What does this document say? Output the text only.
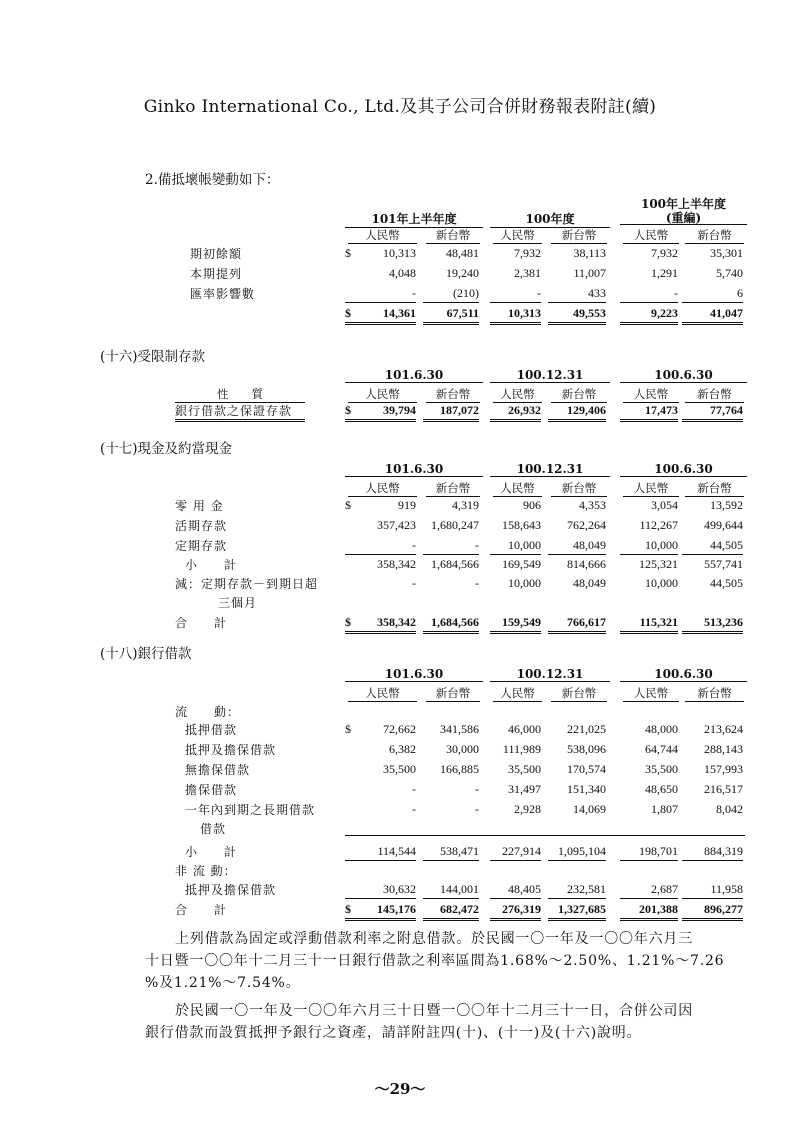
Ginko International Co., Ltd.及其子公司合併財務報表附註(續)
2.備抵壞帳變動如下：
100年上半年度
(重編)
101年上半年度	100年度
人民幣	新台幣	人民幣	新台幣	人民幣	新台幣
期初餘額	10,313	48,481	7,932	38,113	7,932	35,301
$
本期提列	4,048	19,240	2,381	11,007	1,291	5,740
匯率影響數	-	(210)	-	433	-	6
14,361	67,511	10,313	49,553	9,223	41,047
$
(十六)受限制存款
101.6.30	100.12.31	100.6.30
性　　質	人民幣	新台幣	人民幣	新台幣	人民幣	新台幣
銀行借款之保證存款	39,794	187,072	26,932	129,406	17,473	77,764
$
(十七)現金及約當現金
101.6.30	100.12.31	100.6.30
人民幣	新台幣	人民幣	新台幣	人民幣	新台幣
零 用 金	919	4,319	906	4,353	3,054	13,592
$
活期存款	357,423	1,680,247	158,643	762,264	112,267	499,644
定期存款	-	-	10,000	48,049	10,000	44,505
小　　計	358,342	1,684,566	169,549	814,666	125,321	557,741
減：定期存款－到期日超	-	-	10,000	48,049	10,000	44,505
三個月
合　　計	358,342	1,684,566	159,549	766,617	115,321	513,236
$
(十八)銀行借款
101.6.30	100.12.31	100.6.30
人民幣	新台幣	人民幣	新台幣	人民幣	新台幣
流　　動：
抵押借款	72,662	341,586	46,000	221,025	48,000	213,624
$
抵押及擔保借款	6,382	30,000	111,989	538,096	64,744	288,143
無擔保借款	35,500	166,885	35,500	170,574	35,500	157,993
擔保借款	-	-	31,497	151,340	48,650	216,517
一年內到期之長期借款	-	-	2,928	14,069	1,807	8,042
借款
小　　計	114,544	538,471	227,914	1,095,104	198,701	884,319
非 流 動：
抵押及擔保借款	30,632	144,001	48,405	232,581	2,687	11,958
合　　計	145,176	682,472	276,319	1,327,685	201,388	896,277
$
上列借款為固定或浮動借款利率之附息借款。於民國一〇一年及一〇〇年六月三
十日暨一〇〇年十二月三十一日銀行借款之利率區間為1.68%～2.50%、1.21%～7.26
%及1.21%～7.54%。
於民國一〇一年及一〇〇年六月三十日暨一〇〇年十二月三十一日，合併公司因
銀行借款而設質抵押予銀行之資產，請詳附註四(十)、(十一)及(十六)說明。
～29～
